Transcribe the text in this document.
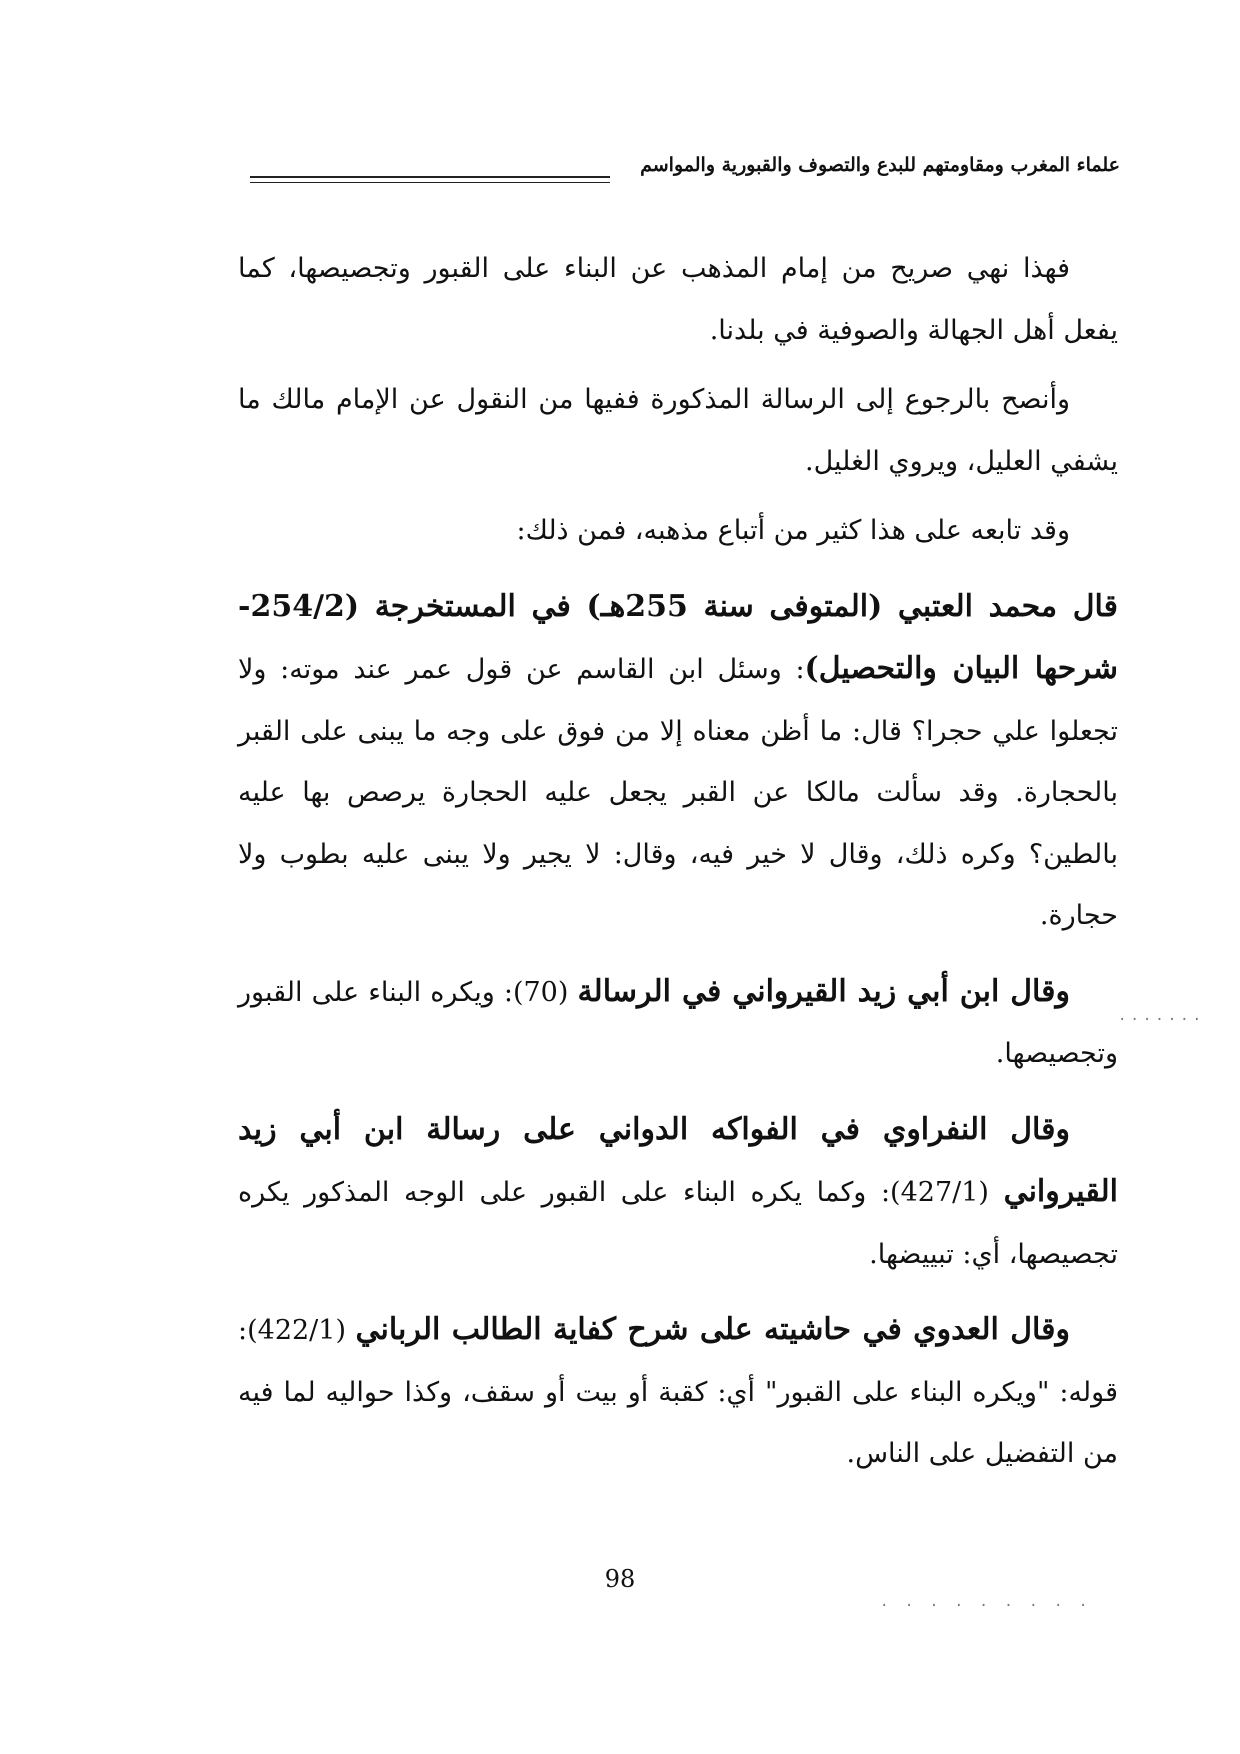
علماء المغرب ومقاومتهم للبدع والتصوف والقبورية والمواسم

فهذا نهي صريح من إمام المذهب عن البناء على القبور وتجصيصها، كما يفعل أهل الجهالة والصوفية في بلدنا.

وأنصح بالرجوع إلى الرسالة المذكورة ففيها من النقول عن الإمام مالك ما يشفي العليل، ويروي الغليل.

وقد تابعه على هذا كثير من أتباع مذهبه، فمن ذلك:

قال محمد العتبي (المتوفى سنة 255هـ) في المستخرجة (254/2- شرحها البيان والتحصيل): وسئل ابن القاسم عن قول عمر عند موته: ولا تجعلوا علي حجرا؟ قال: ما أظن معناه إلا من فوق على وجه ما يبنى على القبر بالحجارة. وقد سألت مالكا عن القبر يجعل عليه الحجارة يرصص بها عليه بالطين؟ وكره ذلك، وقال لا خير فيه، وقال: لا يجير ولا يبنى عليه بطوب ولا حجارة.

وقال ابن أبي زيد القيرواني في الرسالة (70): ويكره البناء على القبور وتجصيصها.

وقال النفراوي في الفواكه الدواني على رسالة ابن أبي زيد القيرواني (427/1): وكما يكره البناء على القبور على الوجه المذكور يكره تجصيصها، أي: تبييضها.

وقال العدوي في حاشيته على شرح كفاية الطالب الرباني (422/1): قوله: "ويكره البناء على القبور" أي: كقبة أو بيت أو سقف، وكذا حواليه لما فيه من التفضيل على الناس.

98
·······
· · · · · · · · ·
